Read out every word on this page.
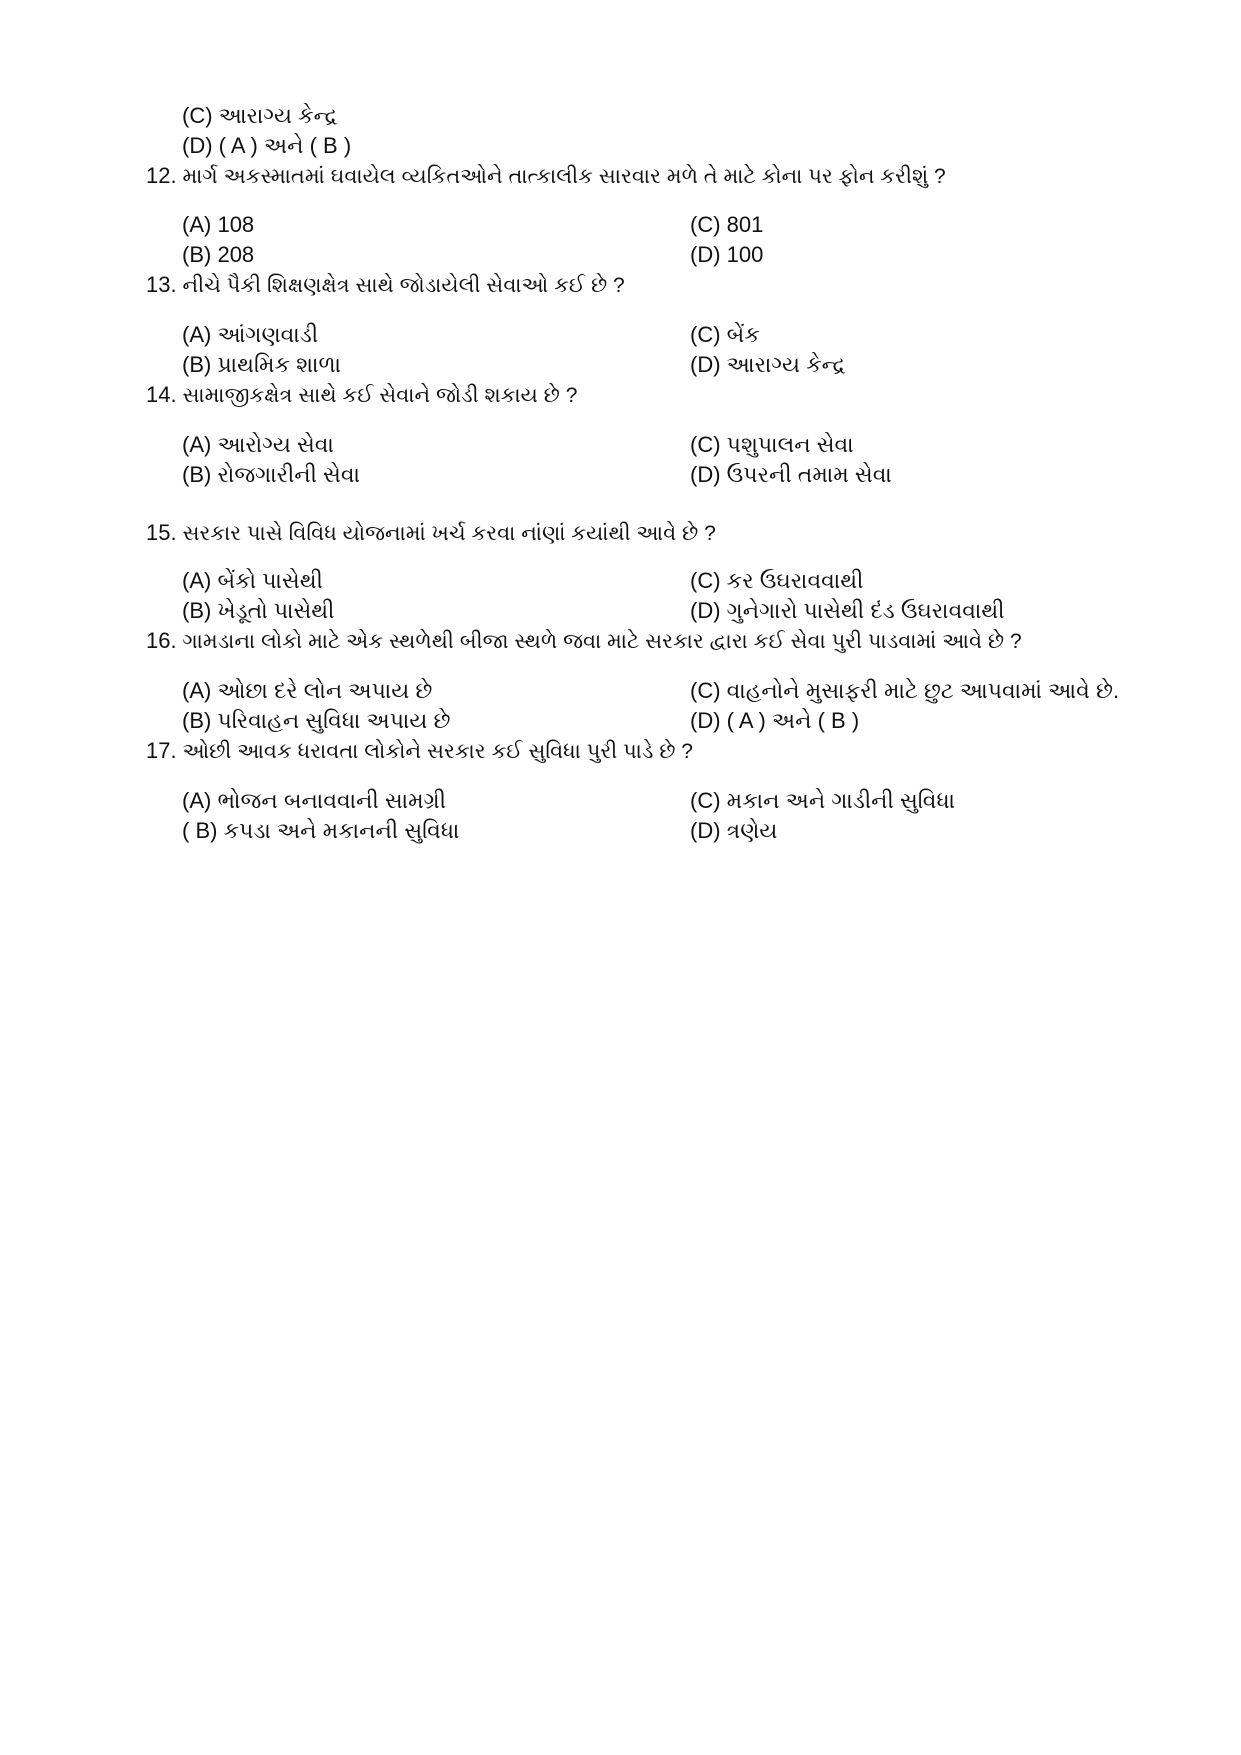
(C) આરાગ્ય કેન્દ્ર
(D) ( A ) અને ( B )
12. માર્ગ અકસ્માતમાં ઘવાયેલ વ્યકિતઓને તાત્કાલીક સારવાર મળે તે માટે કોના પર ફોન કરીશું ?
(A) 108
(B) 208
(C) 801
(D) 100
13. નીચે પૈકી શિક્ષણક્ષેત્ર સાથે જોડાયેલી સેવાઓ કઈ છે ?
(A) આંગણવાડી
(B) પ્રાથમિક શાળા
(C) બેંક
(D) આરાગ્ય કેન્દ્ર
14. સામાજીકક્ષેત્ર સાથે કઈ સેવાને જોડી શકાય છે ?
(A) આરોગ્ય સેવા
(B) રોજગારીની સેવા
(C) પશુપાલન સેવા
(D) ઉપરની તમામ સેવા
15. સરકાર પાસે વિવિધ યોજનામાં ખર્ચ કરવા નાંણાં કયાંથી આવે છે ?
(A) બેંકો પાસેથી
(B) ખેડૂતો પાસેથી
(C) કર ઉઘરાવવાથી
(D) ગુનેગારો પાસેથી દંડ ઉઘરાવવાથી
16. ગામડાના લોકો માટે એક સ્થળેથી બીજા સ્થળે જવા માટે સરકાર દ્વારા કઈ સેવા પુરી પાડવામાં આવે છે ?
(A) ઓછા દરે લોન અપાય છે
(B) પરિવાહન સુવિધા અપાય છે
(C) વાહનોને મુસાફરી માટે છુટ આપવામાં આવે છે.
(D) ( A ) અને ( B )
17. ઓછી આવક ધરાવતા લોકોને સરકાર કઈ સુવિધા પુરી પાડે છે ?
(A) ભોજન બનાવવાની સામગ્રી
( B) કપડા અને મકાનની સુવિધા
(C) મકાન અને ગાડીની સુવિધા
(D) ત્રણેય
